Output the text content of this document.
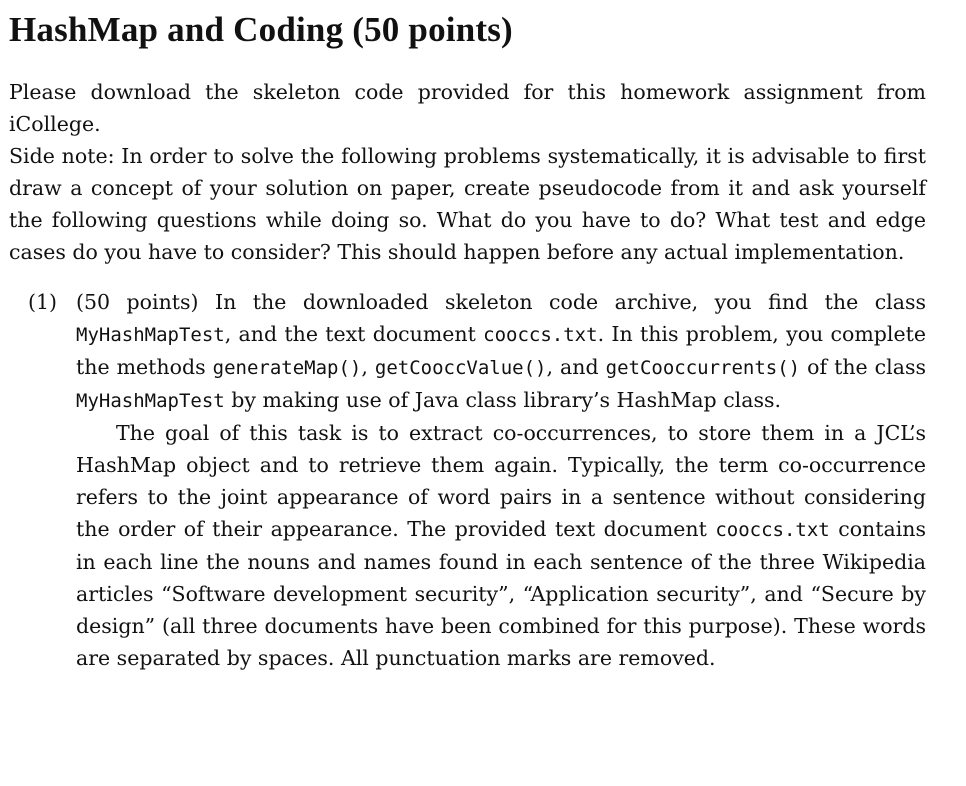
HashMap and Coding (50 points)

Please download the skeleton code provided for this homework assignment from iCollege.

Side note: In order to solve the following problems systematically, it is advisable to first draw a concept of your solution on paper, create pseudocode from it and ask yourself the following questions while doing so. What do you have to do? What test and edge cases do you have to consider? This should happen before any actual implementation.

(1) (50 points) In the downloaded skeleton code archive, you find the class MyHashMapTest, and the text document cooccs.txt. In this problem, you complete the methods generateMap(), getCooccValue(), and getCooccurrents() of the class MyHashMapTest by making use of Java class library’s HashMap class.

The goal of this task is to extract co-occurrences, to store them in a JCL’s HashMap object and to retrieve them again. Typically, the term co-occurrence refers to the joint appearance of word pairs in a sentence without considering the order of their appearance. The provided text document cooccs.txt contains in each line the nouns and names found in each sentence of the three Wikipedia articles “Software development security”, “Application security”, and “Secure by design” (all three documents have been combined for this purpose). These words are separated by spaces. All punctuation marks are removed.
